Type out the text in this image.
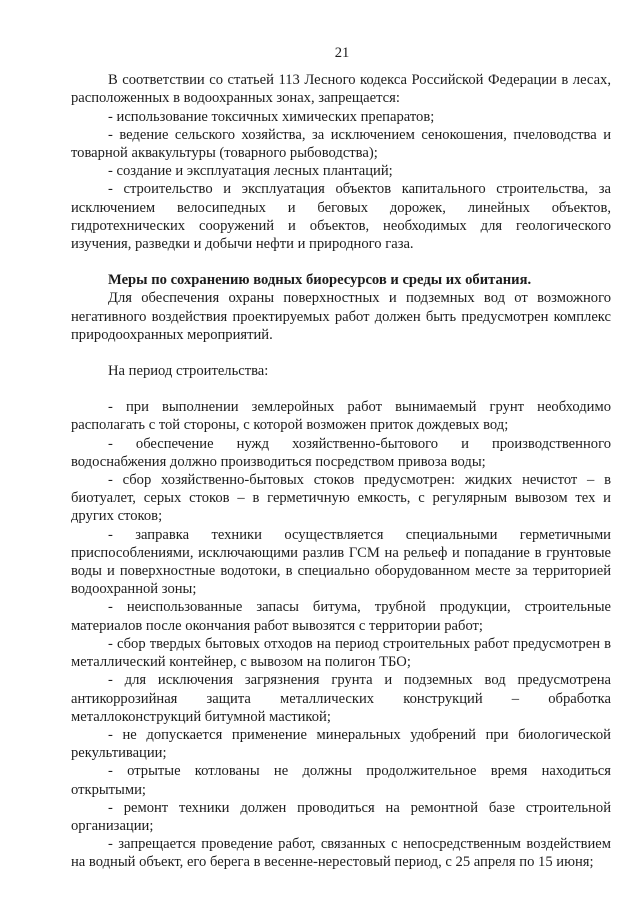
21

В соответствии со статьей 113 Лесного кодекса Российской Федерации в лесах, расположенных в водоохранных зонах, запрещается:

- использование токсичных химических препаратов;

- ведение сельского хозяйства, за исключением сенокошения, пчеловодства и товарной аквакультуры (товарного рыбоводства);

- создание и эксплуатация лесных плантаций;

- строительство и эксплуатация объектов капитального строительства, за исключением велосипедных и беговых дорожек, линейных объектов, гидротехнических сооружений и объектов, необходимых для геологического изучения, разведки и добычи нефти и природного газа.

Меры по сохранению водных биоресурсов и среды их обитания.

Для обеспечения охраны поверхностных и подземных вод от возможного негативного воздействия проектируемых работ должен быть предусмотрен комплекс природоохранных мероприятий.

На период строительства:

- при выполнении землеройных работ вынимаемый грунт необходимо располагать с той стороны, с которой возможен приток дождевых вод;

- обеспечение нужд хозяйственно-бытового и производственного водоснабжения должно производиться посредством привоза воды;

- сбор хозяйственно-бытовых стоков предусмотрен: жидких нечистот – в биотуалет, серых стоков – в герметичную емкость, с регулярным вывозом тех и других стоков;

- заправка техники осуществляется специальными герметичными приспособлениями, исключающими разлив ГСМ на рельеф и попадание в грунтовые воды и поверхностные водотоки, в специально оборудованном месте за территорией водоохранной зоны;

- неиспользованные запасы битума, трубной продукции, строительные материалов после окончания работ вывозятся с территории работ;

- сбор твердых бытовых отходов на период строительных работ предусмотрен в металлический контейнер, с вывозом на полигон ТБО;

- для исключения загрязнения грунта и подземных вод предусмотрена антикоррозийная защита металлических конструкций – обработка металлоконструкций битумной мастикой;

- не допускается применение минеральных удобрений при биологической рекультивации;

- отрытые котлованы не должны продолжительное время находиться открытыми;

- ремонт техники должен проводиться на ремонтной базе строительной организации;

- запрещается проведение работ, связанных с непосредственным воздействием на водный объект, его берега в весенне-нерестовый период, с 25 апреля по 15 июня;
